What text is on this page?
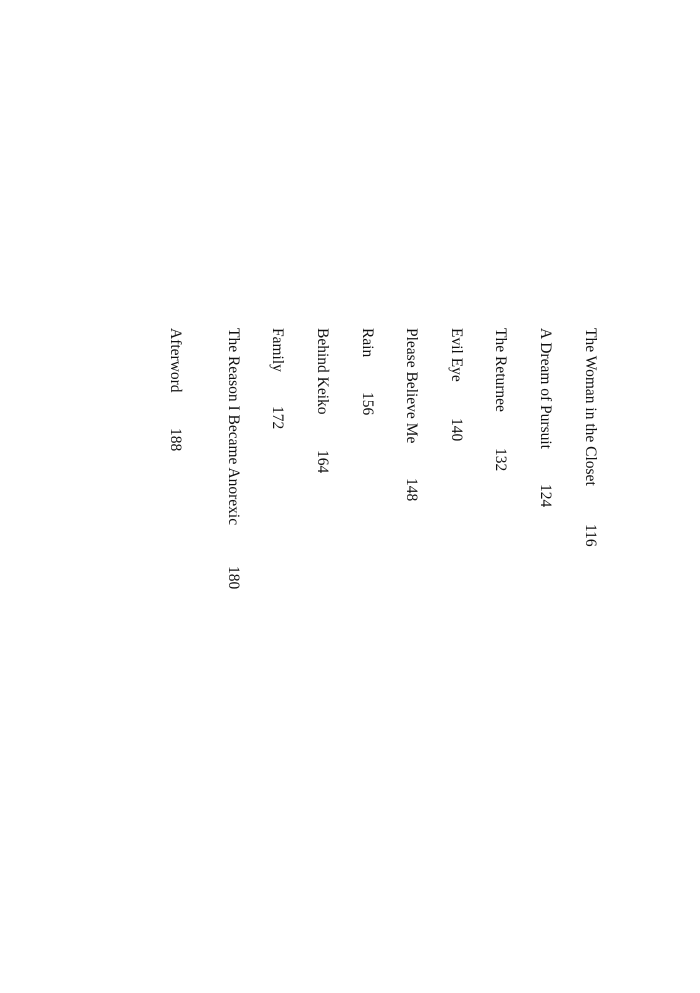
Afterword
188	The Reason I Became Anorexic
180
Family
172
Behind Keiko
164
Rain
156 Please Believe Me
148
Evil Eye
140
The Returnee
132
A Dream of Pursuit
124
The Woman in the Closet
116
